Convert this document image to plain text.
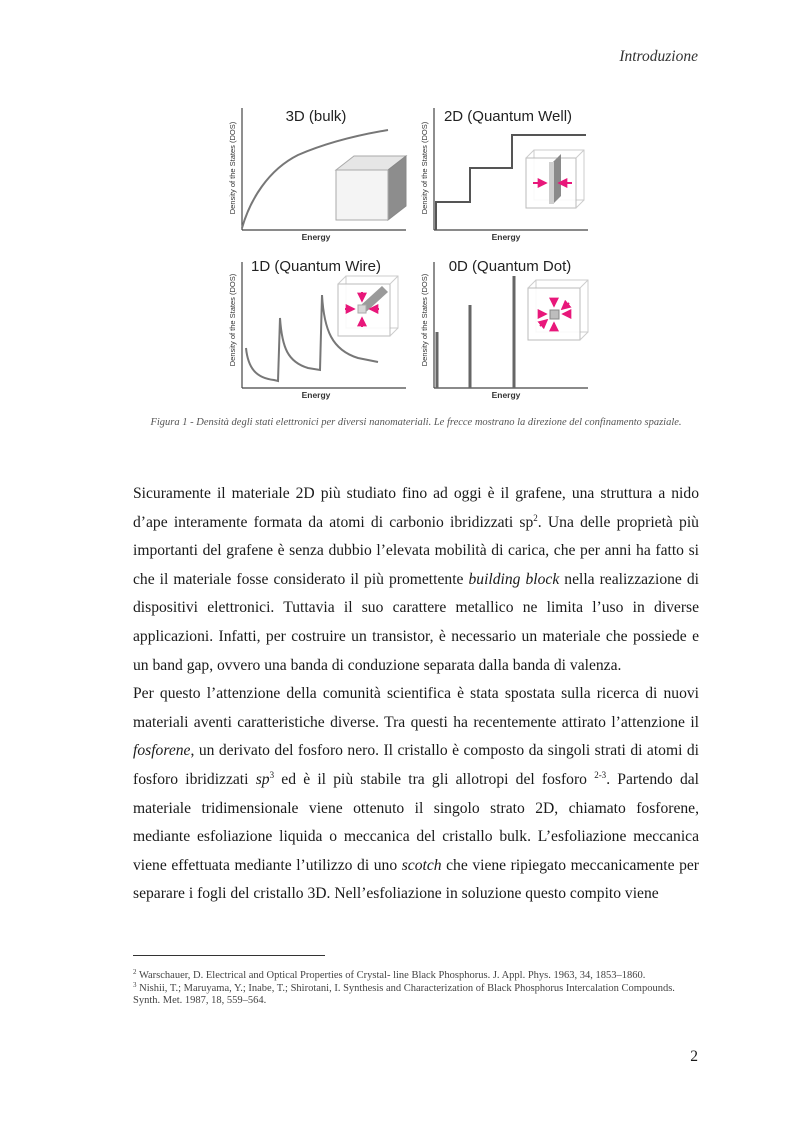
Introduzione
3D (bulk)
Density of the States (DOS)
Energy
2D (Quantum Well)
Density of the States (DOS)
Energy
1D (Quantum Wire)
Density of the States (DOS)
Energy
0D (Quantum Dot)
Density of the States (DOS)
Energy
Figura 1 - Densità degli stati elettronici per diversi nanomateriali. Le frecce mostrano la direzione del confinamento spaziale.

Sicuramente il materiale 2D più studiato fino ad oggi è il grafene, una struttura a nido d’ape interamente formata da atomi di carbonio ibridizzati $sp^2$. Una delle proprietà più importanti del grafene è senza dubbio l’elevata mobilità di carica, che per anni ha fatto si che il materiale fosse considerato il più promettente building block nella realizzazione di dispositivi elettronici. Tuttavia il suo carattere metallico ne limita l’uso in diverse applicazioni. Infatti, per costruire un transistor, è necessario un materiale che possiede e un band gap, ovvero una banda di conduzione separata dalla banda di valenza.

Per questo l’attenzione della comunità scientifica è stata spostata sulla ricerca di nuovi materiali aventi caratteristiche diverse. Tra questi ha recentemente attirato l’attenzione il fosforene, un derivato del fosforo nero. Il cristallo è composto da singoli strati di atomi di fosforo ibridizzati $sp^3$ ed è il più stabile tra gli allotropi del fosforo $^{2-3}$. Partendo dal materiale tridimensionale viene ottenuto il singolo strato 2D, chiamato fosforene, mediante esfoliazione liquida o meccanica del cristallo bulk. L’esfoliazione meccanica viene effettuata mediante l’utilizzo di uno scotch che viene ripiegato meccanicamente per separare i fogli del cristallo 3D. Nell’esfoliazione in soluzione questo compito viene

$^2$ Warschauer, D. Electrical and Optical Properties of Crystal- line Black Phosphorus. J. Appl. Phys. 1963, 34, 1853–1860.

$^3$ Nishii, T.; Maruyama, Y.; Inabe, T.; Shirotani, I. Synthesis and Characterization of Black Phosphorus Intercalation Compounds. Synth. Met. 1987, 18, 559–564.

2
